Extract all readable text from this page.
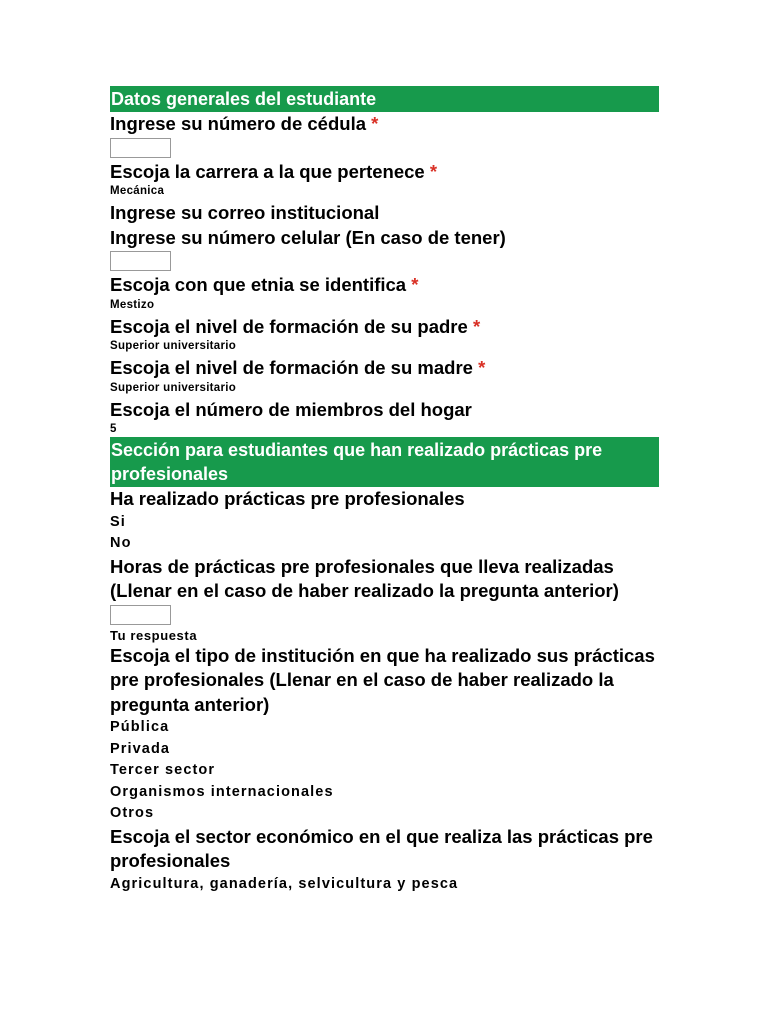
Datos generales del estudiante

Ingrese su número de cédula *

Escoja la carrera a la que pertenece *

Mecánica

Ingrese su correo institucional

Ingrese su número celular (En caso de tener)

Escoja con que etnia se identifica *

Mestizo

Escoja el nivel de formación de su padre *

Superior universitario

Escoja el nivel de formación de su madre *

Superior universitario

Escoja el número de miembros del hogar

5
Sección para estudiantes que han realizado prácticas pre profesionales

Ha realizado prácticas pre profesionales

Si
No

Horas de prácticas pre profesionales que lleva realizadas (Llenar en el caso de haber realizado la pregunta anterior)

Tu respuesta

Escoja el tipo de institución en que ha realizado sus prácticas pre profesionales (Llenar en el caso de haber realizado la pregunta anterior)

Pública
Privada
Tercer sector
Organismos internacionales
Otros

Escoja el sector económico en el que realiza las prácticas pre profesionales

Agricultura, ganadería, selvicultura y pesca
